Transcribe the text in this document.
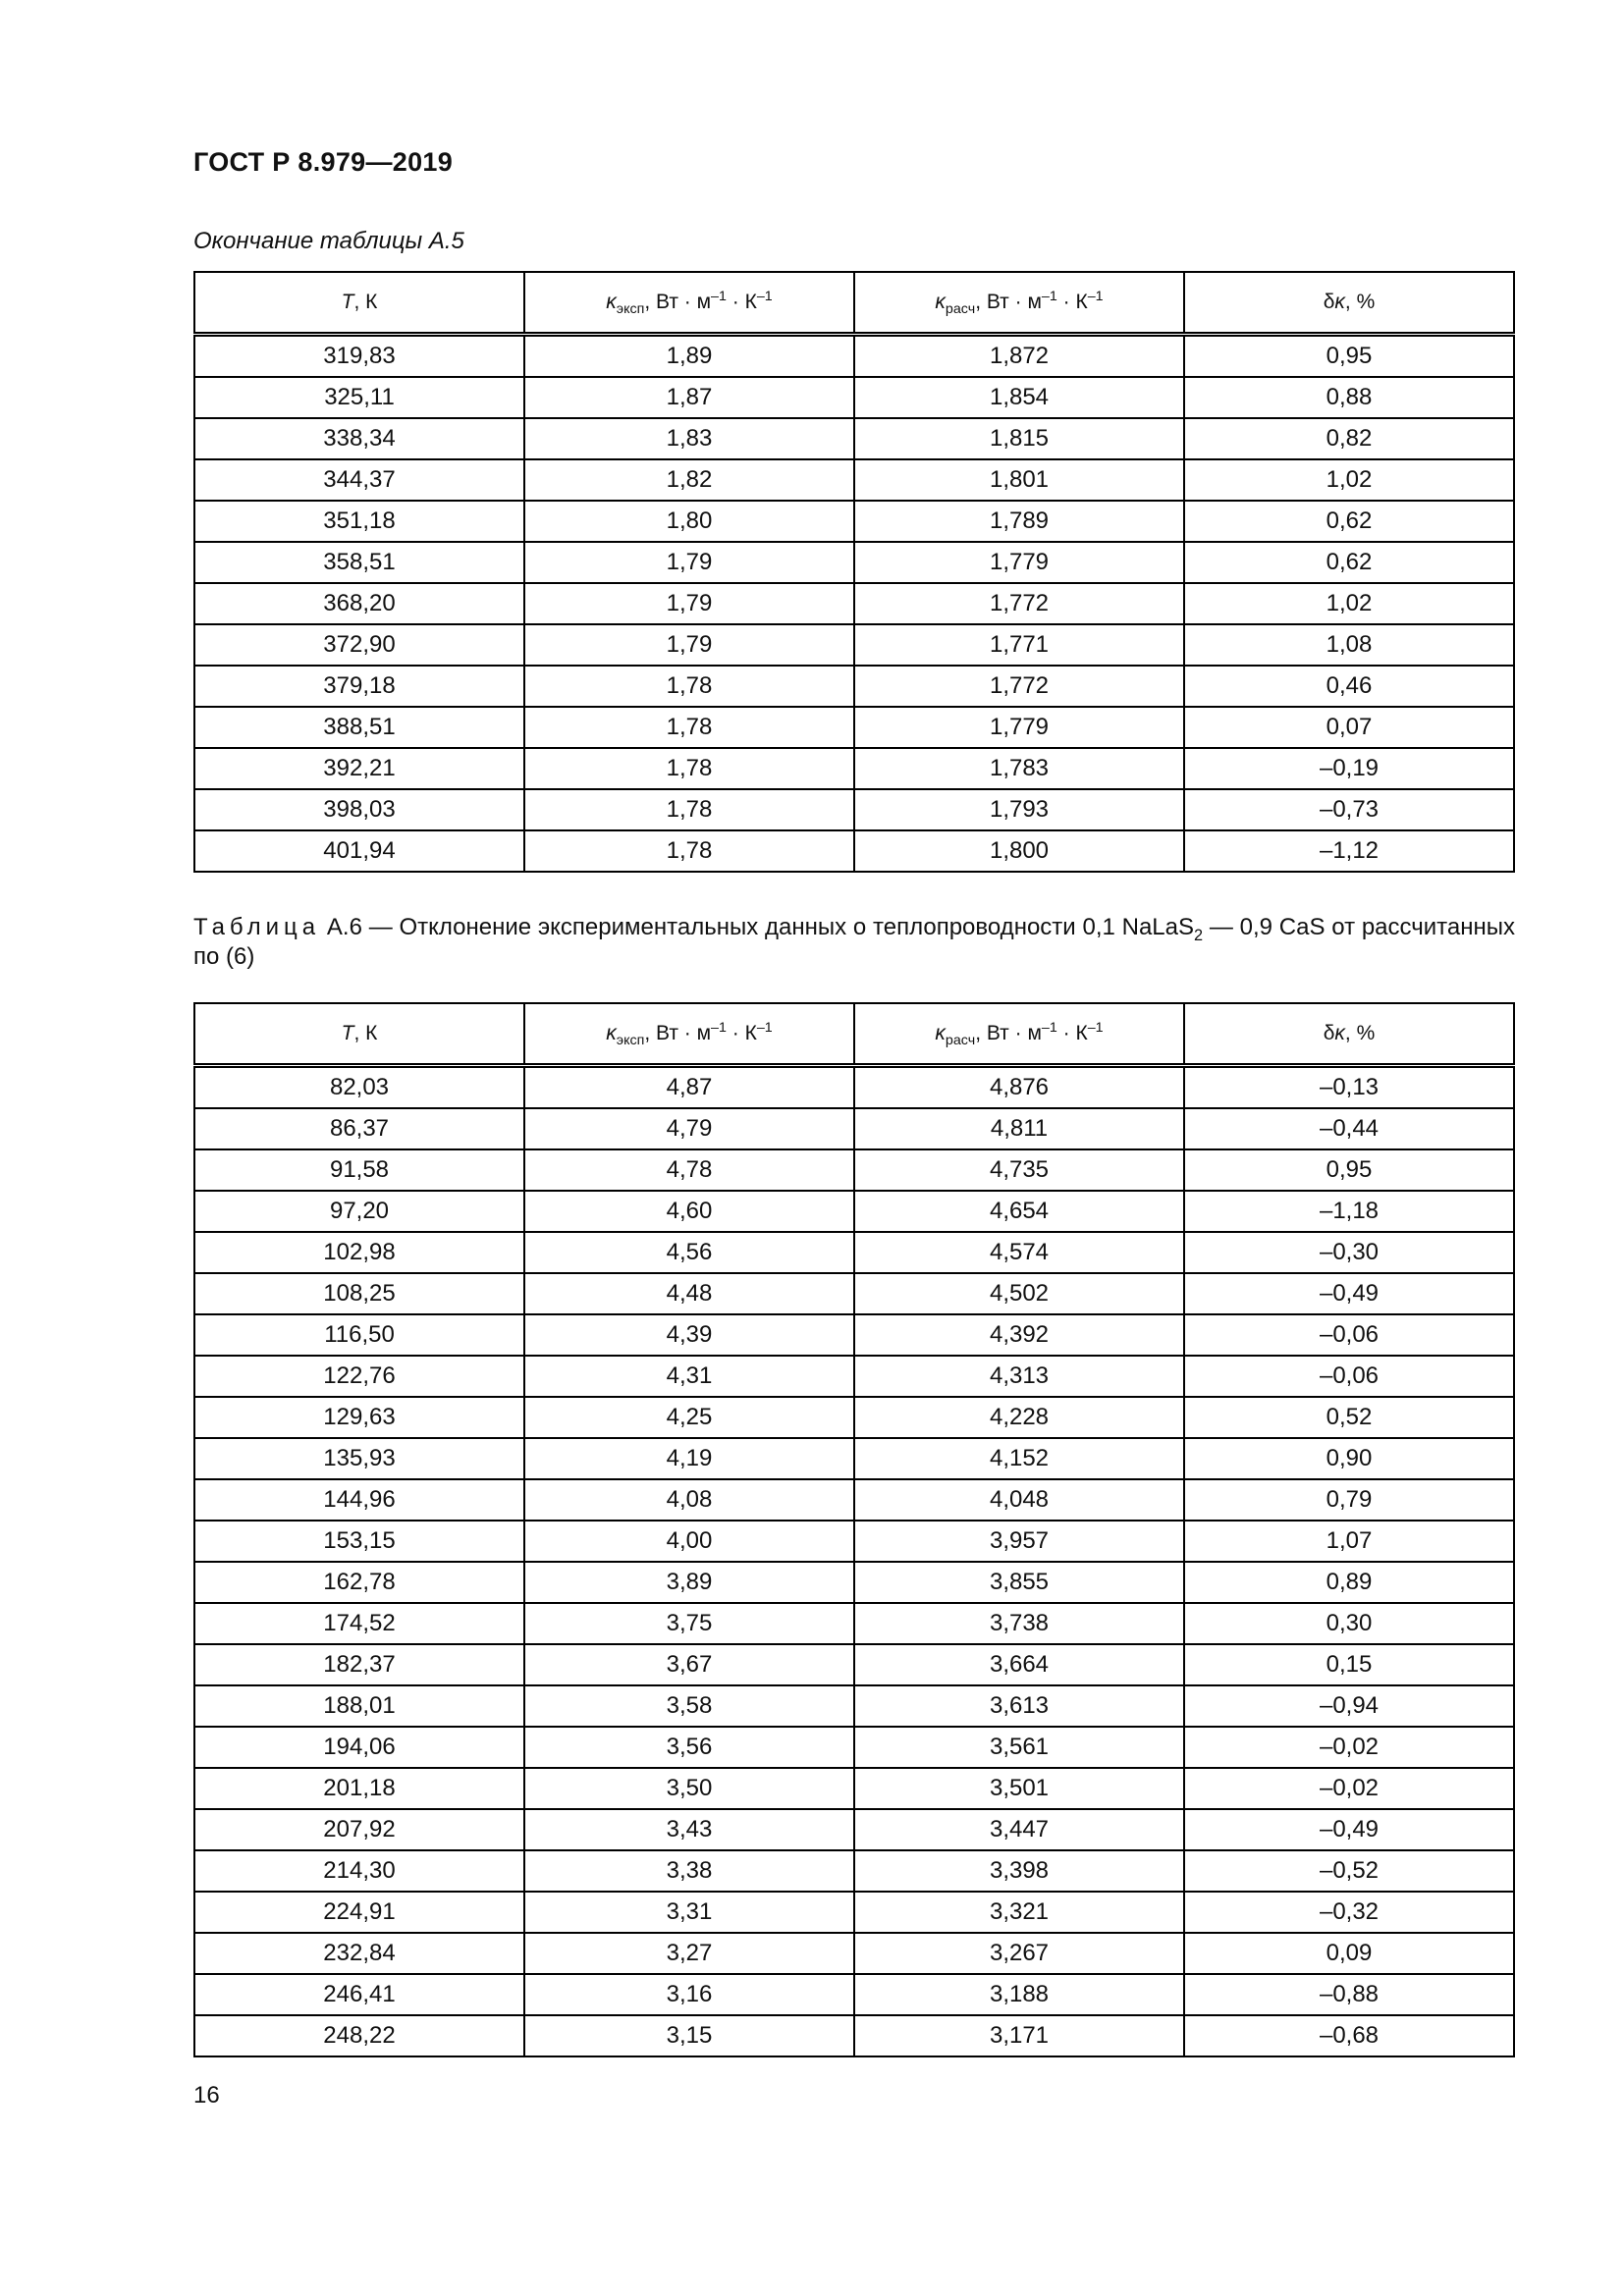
ГОСТ Р 8.979—2019
Окончание таблицы А.5
T, К	$\kappa_{эксп}$, Вт · $м^{-1} \cdot К^{-1}$	$\kappa_{расч}$, Вт · $м^{-1} \cdot К^{-1}$	δκ, %
319,83	1,89	1,872	0,95
325,11	1,87	1,854	0,88
338,34	1,83	1,815	0,82
344,37	1,82	1,801	1,02
351,18	1,80	1,789	0,62
358,51	1,79	1,779	0,62
368,20	1,79	1,772	1,02
372,90	1,79	1,771	1,08
379,18	1,78	1,772	0,46
388,51	1,78	1,779	0,07
392,21	1,78	1,783	–0,19
398,03	1,78	1,793	–0,73
401,94	1,78	1,800	–1,12
Таблица А.6 — Отклонение экспериментальных данных о теплопроводности 0,1 NaLaS$_2$ — 0,9 CaS от рассчитанных по (6)
T, К	$\kappa_{эксп}$, Вт · $м^{-1} \cdot К^{-1}$	$\kappa_{расч}$, Вт · $м^{-1} \cdot К^{-1}$	δκ, %
82,03	4,87	4,876	–0,13
86,37	4,79	4,811	–0,44
91,58	4,78	4,735	0,95
97,20	4,60	4,654	–1,18
102,98	4,56	4,574	–0,30
108,25	4,48	4,502	–0,49
116,50	4,39	4,392	–0,06
122,76	4,31	4,313	–0,06
129,63	4,25	4,228	0,52
135,93	4,19	4,152	0,90
144,96	4,08	4,048	0,79
153,15	4,00	3,957	1,07
162,78	3,89	3,855	0,89
174,52	3,75	3,738	0,30
182,37	3,67	3,664	0,15
188,01	3,58	3,613	–0,94
194,06	3,56	3,561	–0,02
201,18	3,50	3,501	–0,02
207,92	3,43	3,447	–0,49
214,30	3,38	3,398	–0,52
224,91	3,31	3,321	–0,32
232,84	3,27	3,267	0,09
246,41	3,16	3,188	–0,88
248,22	3,15	3,171	–0,68
16
